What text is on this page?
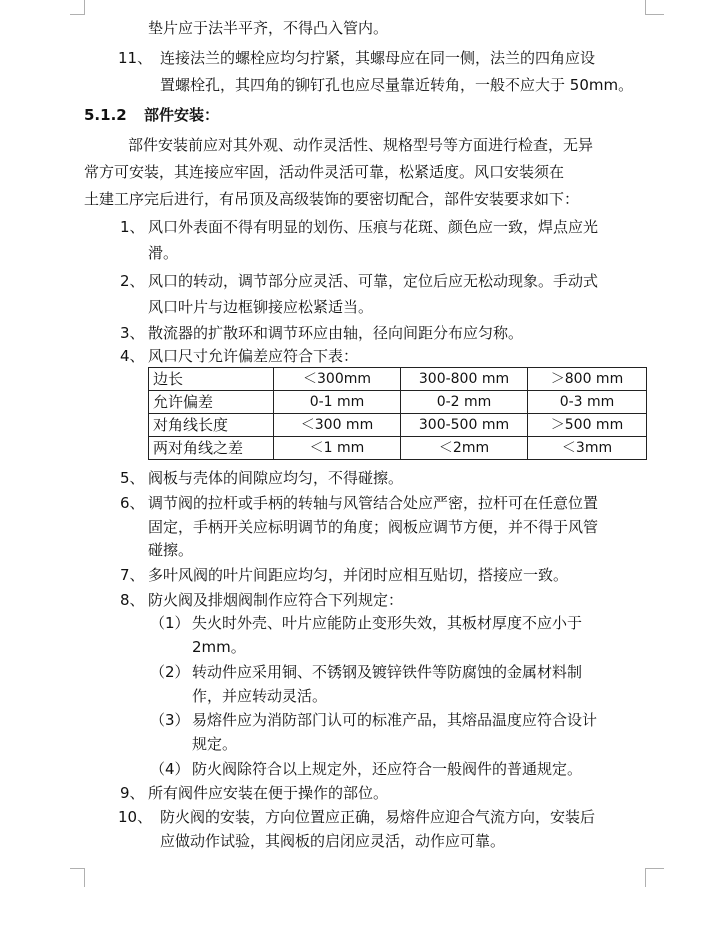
垫片应于法半平齐，不得凸入管内。
11、 连接法兰的螺栓应均匀拧紧，其螺母应在同一侧，法兰的四角应设
置螺栓孔，其四角的铆钉孔也应尽量靠近转角，一般不应大于 50mm。
5.1.2 部件安装：
部件安装前应对其外观、动作灵活性、规格型号等方面进行检查，无异
常方可安装，其连接应牢固，活动件灵活可靠，松紧适度。风口安装须在
土建工序完后进行，有吊顶及高级装饰的要密切配合，部件安装要求如下：
1、 风口外表面不得有明显的划伤、压痕与花斑、颜色应一致，焊点应光
滑。
2、 风口的转动，调节部分应灵活、可靠，定位后应无松动现象。手动式
风口叶片与边框铆接应松紧适当。
3、 散流器的扩散环和调节环应由轴，径向间距分布应匀称。
4、 风口尺寸允许偏差应符合下表：
边长	＜300mm	300-800 mm	＞800 mm
允许偏差	0-1 mm	0-2 mm	0-3 mm
对角线长度	＜300 mm	300-500 mm	＞500 mm
两对角线之差	＜1 mm	＜2mm	＜3mm
5、 阀板与壳体的间隙应均匀，不得碰擦。
6、 调节阀的拉杆或手柄的转轴与风管结合处应严密，拉杆可在任意位置
固定，手柄开关应标明调节的角度；阀板应调节方便，并不得于风管
碰擦。
7、 多叶风阀的叶片间距应均匀，并闭时应相互贴切，搭接应一致。
8、 防火阀及排烟阀制作应符合下列规定：
（1） 失火时外壳、叶片应能防止变形失效，其板材厚度不应小于
2mm。
（2） 转动件应采用铜、不锈钢及镀锌铁件等防腐蚀的金属材料制
作，并应转动灵活。
（3） 易熔件应为消防部门认可的标准产品，其熔品温度应符合设计
规定。
（4） 防火阀除符合以上规定外，还应符合一般阀件的普通规定。
9、 所有阀件应安装在便于操作的部位。
10、 防火阀的安装，方向位置应正确，易熔件应迎合气流方向，安装后
应做动作试验，其阀板的启闭应灵活，动作应可靠。
